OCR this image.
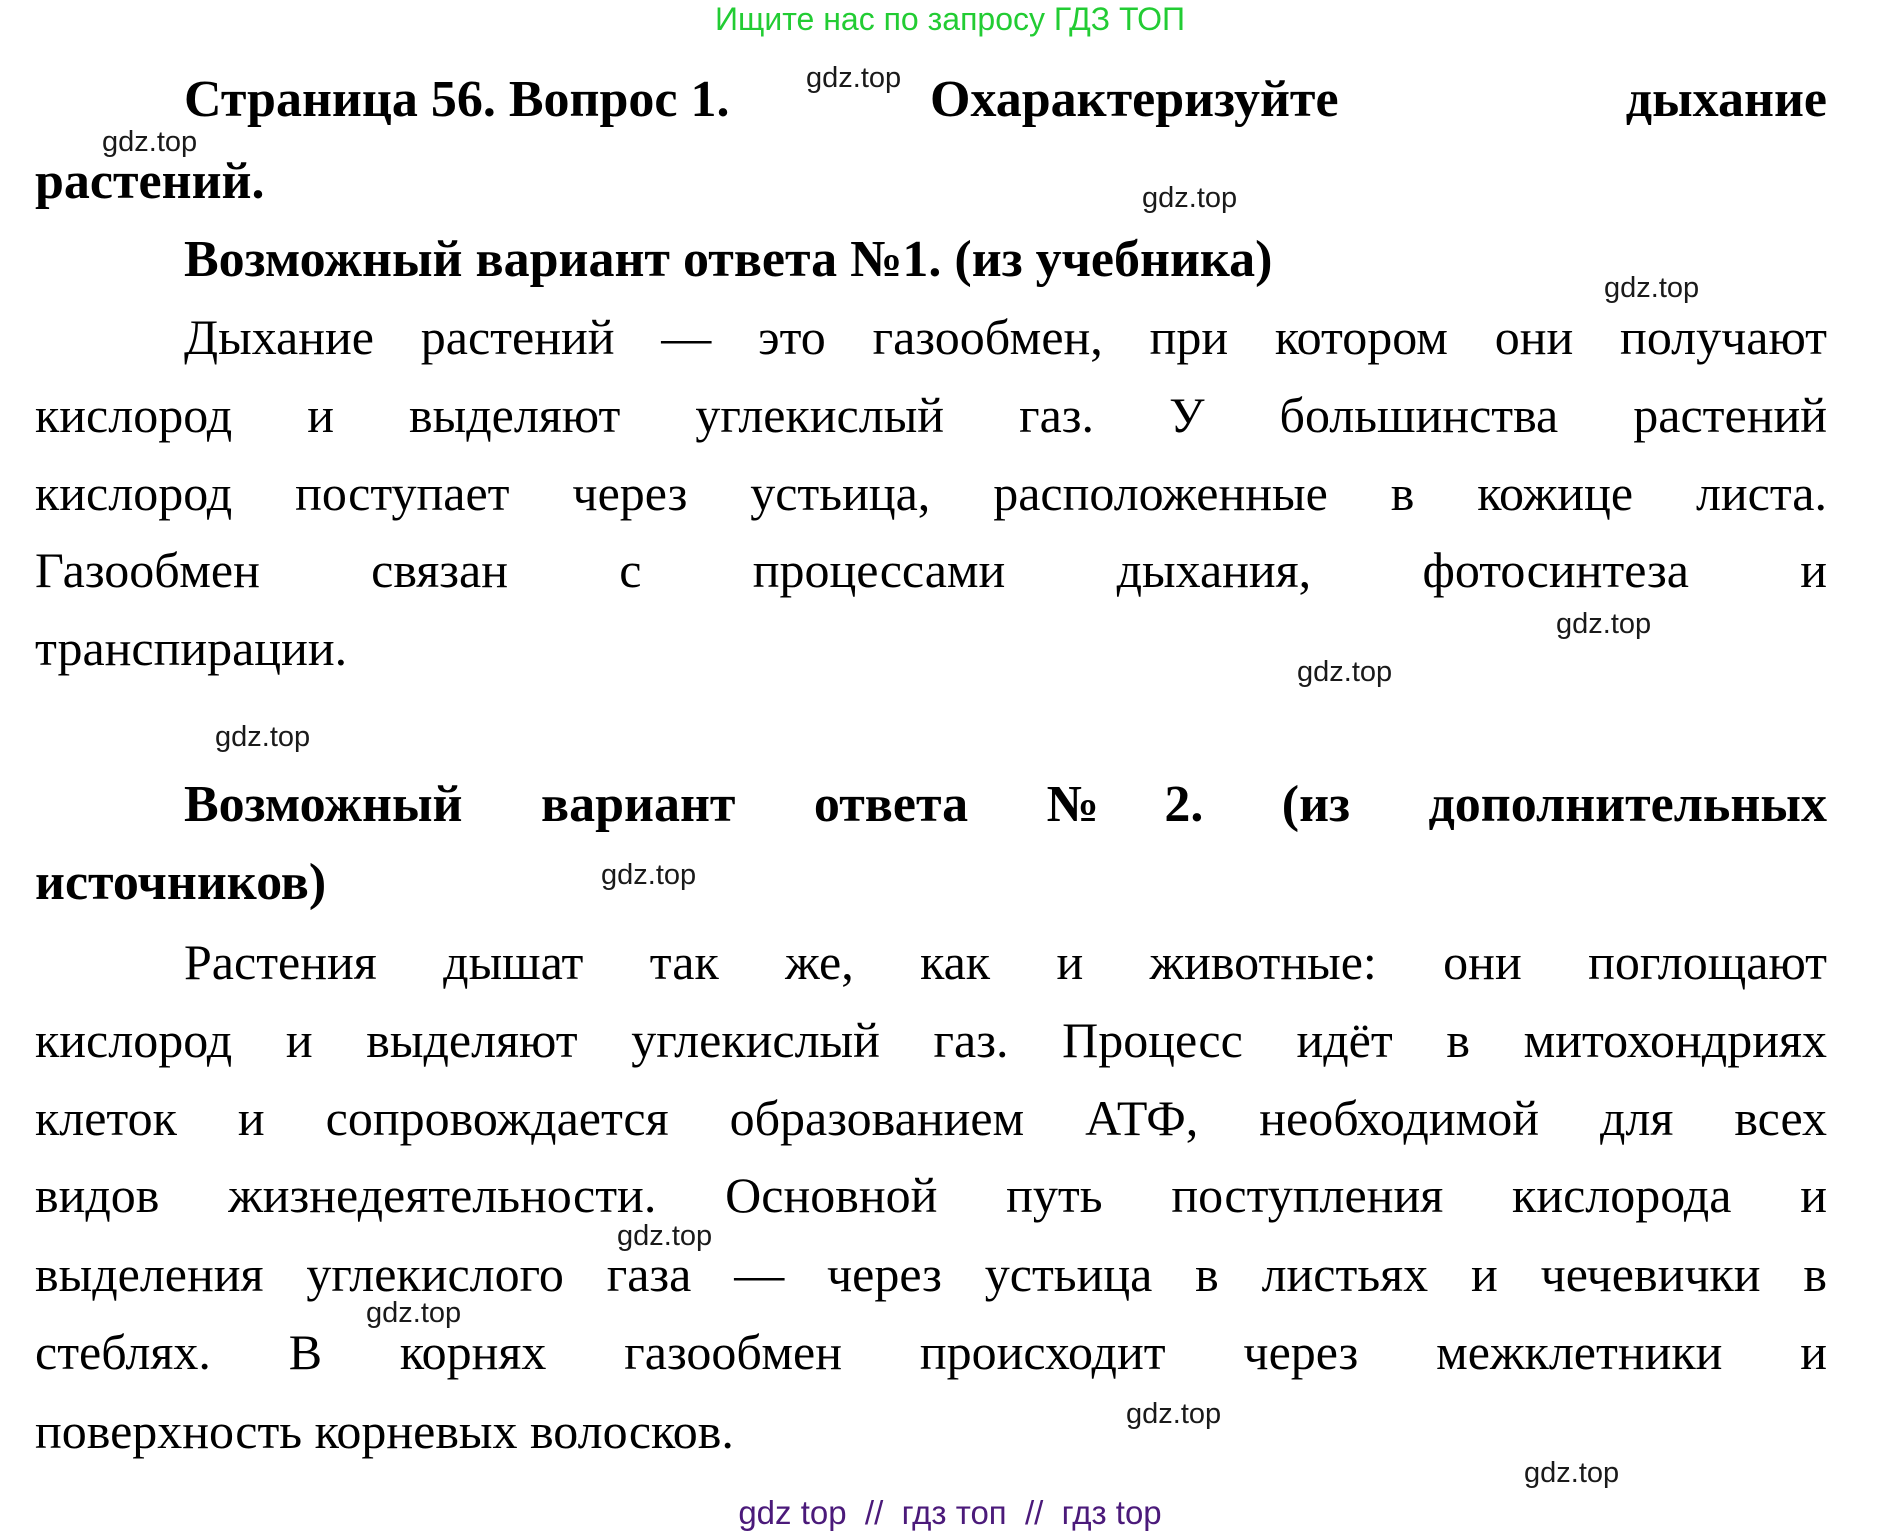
Ищите нас по запросу ГДЗ ТОП
Страница 56. Вопрос 1.	Охарактеризуйте	дыхание
растений.
Возможный вариант ответа №1. (из учебника)
Дыхание растений — это газообмен, при котором они получают
кислород и выделяют углекислый газ. У большинства растений
кислород поступает через устьица, расположенные в кожице листа.
Газообмен связан с процессами дыхания, фотосинтеза и
транспирации.
Возможный вариант ответа №2. (из дополнительных
источников)
Растения дышат так же, как и животные: они поглощают
кислород и выделяют углекислый газ. Процесс идёт в митохондриях
клеток и сопровождается образованием АТФ, необходимой для всех
видов жизнедеятельности. Основной путь поступления кислорода и
выделения углекислого газа — через устьица в листьях и чечевички в
стеблях. В корнях газообмен происходит через межклетники и
поверхность корневых волосков.
gdz.top
gdz.top
gdz.top
gdz.top
gdz.top
gdz.top
gdz.top
gdz.top
gdz.top
gdz.top
gdz.top
gdz.top
gdz top  //  гдз топ  //  гдз top
